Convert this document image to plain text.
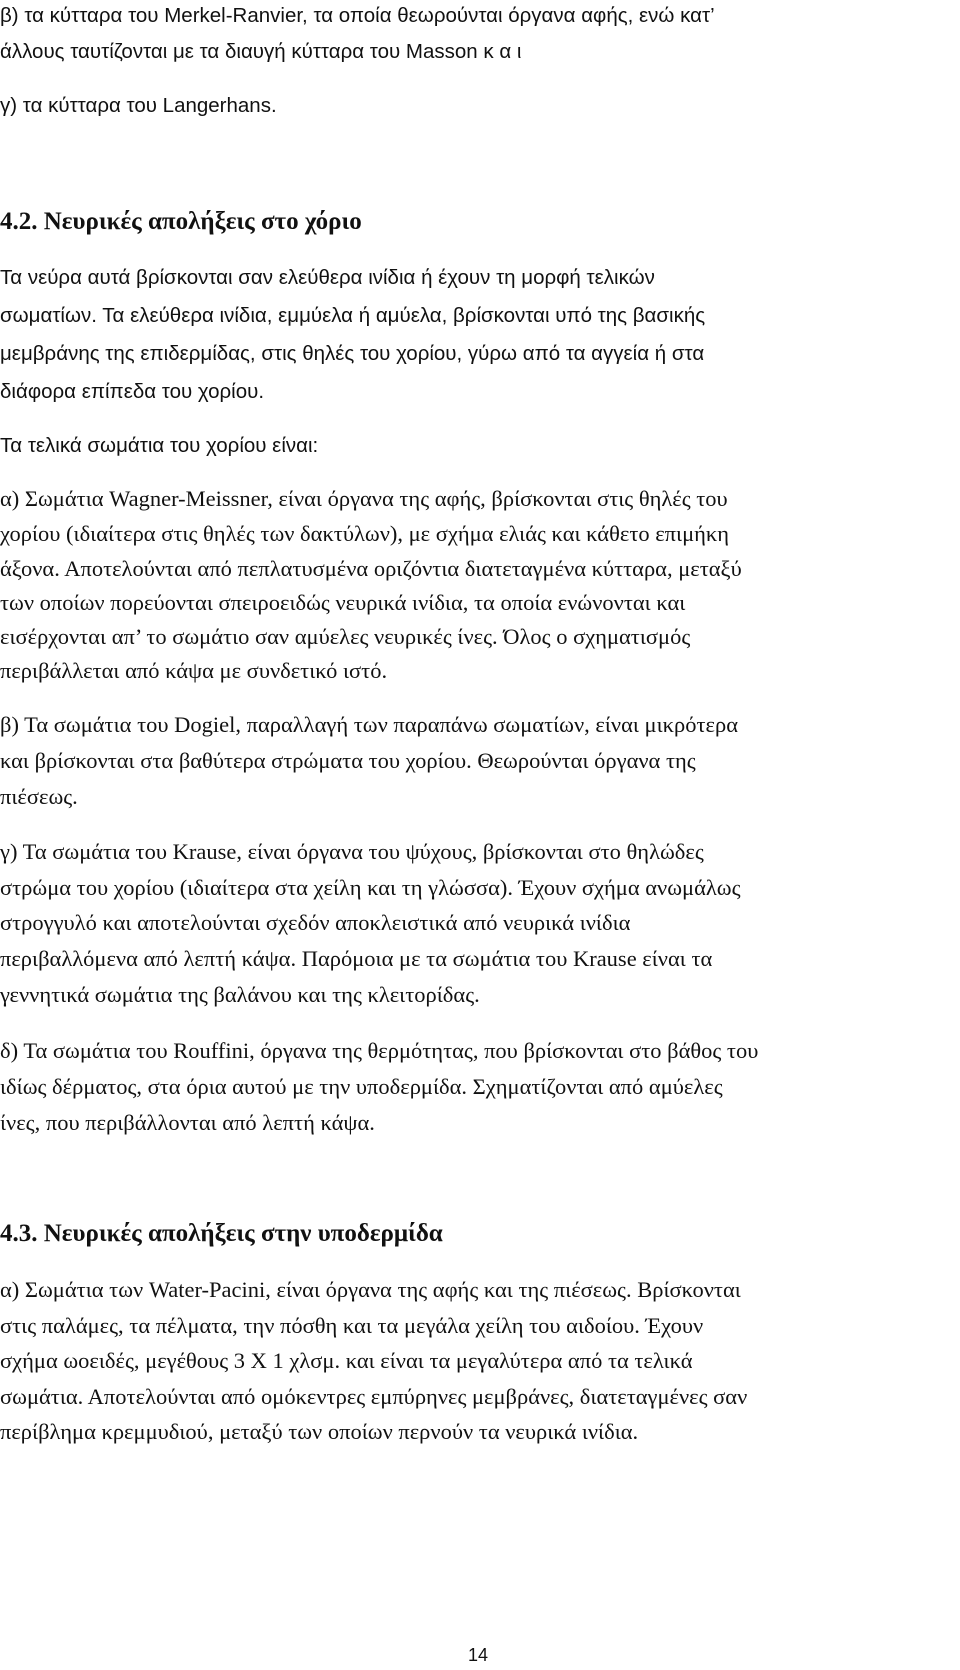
β) τα κύτταρα του Merkel-Ranvier, τα οποία θεωρούνται όργανα αφής, ενώ κατ’
άλλους ταυτίζονται με τα διαυγή κύτταρα του Masson κ α ι
γ) τα κύτταρα του Langerhans.
4.2. Νευρικές απολήξεις στο χόριο
Τα νεύρα αυτά βρίσκονται σαν ελεύθερα ινίδια ή έχουν τη μορφή τελικών
σωματίων. Τα ελεύθερα ινίδια, εμμύελα ή αμύελα, βρίσκονται υπό της βασικής
μεμβράνης της επιδερμίδας, στις θηλές του χορίου, γύρω από τα αγγεία ή στα
διάφορα επίπεδα του χορίου.
Τα τελικά σωμάτια του χορίου είναι:
α) Σωμάτια Wagner-Meissner, είναι όργανα της αφής, βρίσκονται στις θηλές του
χορίου (ιδιαίτερα στις θηλές των δακτύλων), με σχήμα ελιάς και κάθετο επιμήκη
άξονα. Αποτελούνται από πεπλατυσμένα οριζόντια διατεταγμένα κύτταρα, μεταξύ
των οποίων πορεύονται σπειροειδώς νευρικά ινίδια, τα οποία ενώνονται και
εισέρχονται απ’ το σωμάτιο σαν αμύελες νευρικές ίνες. Όλος ο σχηματισμός
περιβάλλεται από κάψα με συνδετικό ιστό.
β) Τα σωμάτια του Dogiel, παραλλαγή των παραπάνω σωματίων, είναι μικρότερα
και βρίσκονται στα βαθύτερα στρώματα του χορίου. Θεωρούνται όργανα της
πιέσεως.
γ) Τα σωμάτια του Krause, είναι όργανα του ψύχους, βρίσκονται στο θηλώδες
στρώμα του χορίου (ιδιαίτερα στα χείλη και τη γλώσσα). Έχουν σχήμα ανωμάλως
στρογγυλό και αποτελούνται σχεδόν αποκλειστικά από νευρικά ινίδια
περιβαλλόμενα από λεπτή κάψα. Παρόμοια με τα σωμάτια του Krause είναι τα
γεννητικά σωμάτια της βαλάνου και της κλειτορίδας.
δ) Τα σωμάτια του Rouffini, όργανα της θερμότητας, που βρίσκονται στο βάθος του
ιδίως δέρματος, στα όρια αυτού με την υποδερμίδα. Σχηματίζονται από αμύελες
ίνες, που περιβάλλονται από λεπτή κάψα.
4.3. Νευρικές απολήξεις στην υποδερμίδα
α) Σωμάτια των Water-Pacini, είναι όργανα της αφής και της πιέσεως. Βρίσκονται
στις παλάμες, τα πέλματα, την πόσθη και τα μεγάλα χείλη του αιδοίου. Έχουν
σχήμα ωοειδές, μεγέθους 3 Χ 1 χλσμ. και είναι τα μεγαλύτερα από τα τελικά
σωμάτια. Αποτελούνται από ομόκεντρες εμπύρηνες μεμβράνες, διατεταγμένες σαν
περίβλημα κρεμμυδιού, μεταξύ των οποίων περνούν τα νευρικά ινίδια.
14
